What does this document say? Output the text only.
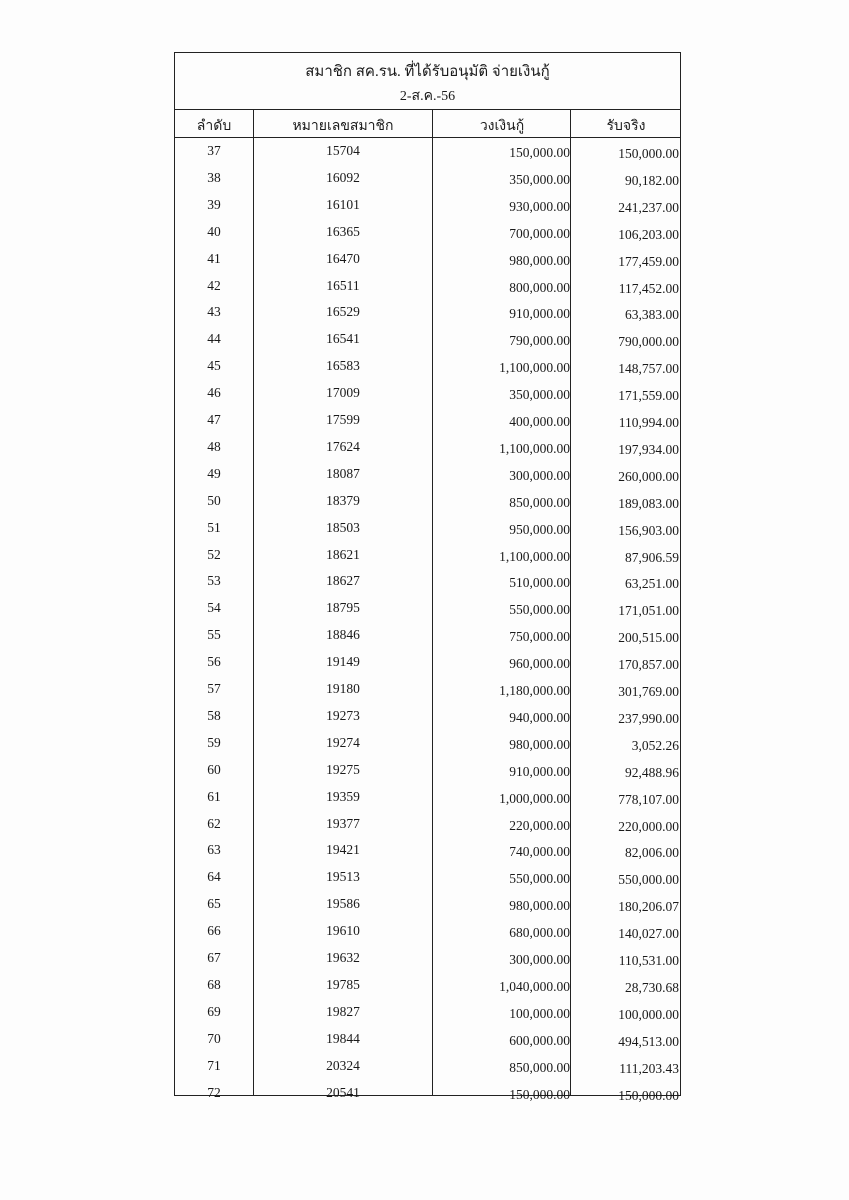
สมาชิก สค.รน. ที่ได้รับอนุมัติ จ่ายเงินกู้
2-ส.ค.-56
ลำดับ	หมายเลขสมาชิก	วงเงินกู้	รับจริง
37	15704	150,000.00	150,000.00
38	16092	350,000.00	90,182.00
39	16101	930,000.00	241,237.00
40	16365	700,000.00	106,203.00
41	16470	980,000.00	177,459.00
42	16511	800,000.00	117,452.00
43	16529	910,000.00	63,383.00
44	16541	790,000.00	790,000.00
45	16583	1,100,000.00	148,757.00
46	17009	350,000.00	171,559.00
47	17599	400,000.00	110,994.00
48	17624	1,100,000.00	197,934.00
49	18087	300,000.00	260,000.00
50	18379	850,000.00	189,083.00
51	18503	950,000.00	156,903.00
52	18621	1,100,000.00	87,906.59
53	18627	510,000.00	63,251.00
54	18795	550,000.00	171,051.00
55	18846	750,000.00	200,515.00
56	19149	960,000.00	170,857.00
57	19180	1,180,000.00	301,769.00
58	19273	940,000.00	237,990.00
59	19274	980,000.00	3,052.26
60	19275	910,000.00	92,488.96
61	19359	1,000,000.00	778,107.00
62	19377	220,000.00	220,000.00
63	19421	740,000.00	82,006.00
64	19513	550,000.00	550,000.00
65	19586	980,000.00	180,206.07
66	19610	680,000.00	140,027.00
67	19632	300,000.00	110,531.00
68	19785	1,040,000.00	28,730.68
69	19827	100,000.00	100,000.00
70	19844	600,000.00	494,513.00
71	20324	850,000.00	111,203.43
72	20541	150,000.00	150,000.00
